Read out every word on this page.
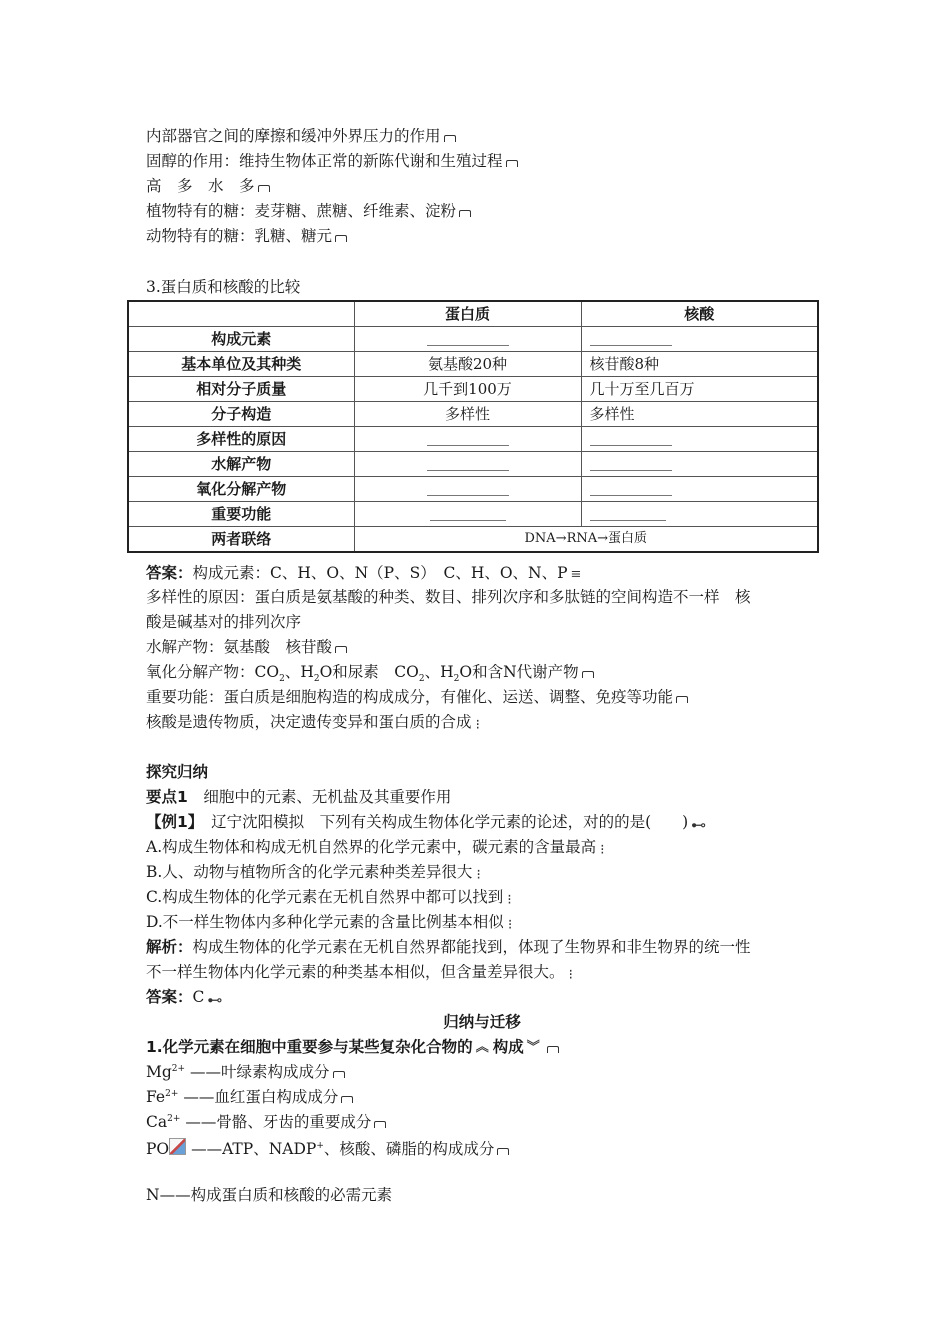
内部器官之间的摩擦和缓冲外界压力的作用
固醇的作用：维持生物体正常的新陈代谢和生殖过程
高　多　水　多
植物特有的糖：麦芽糖、蔗糖、纤维素、淀粉
动物特有的糖：乳糖、糖元
3.蛋白质和核酸的比较
	蛋白质	核酸
构成元素		
基本单位及其种类	氨基酸20种	核苷酸8种
相对分子质量	几千到100万	几十万至几百万
分子构造	多样性	多样性
多样性的原因		
水解产物		
氧化分解产物		
重要功能		
两者联络	DNA→RNA→蛋白质	
答案：构成元素：C、H、O、N（P、S）　C、H、O、N、P≡
多样性的原因：蛋白质是氨基酸的种类、数目、排列次序和多肽链的空间构造不一样　核
酸是碱基对的排列次序
水解产物：氨基酸　核苷酸
氧化分解产物：$CO_2$、$H_2O$和尿素　$CO_2$、$H_2O$和含N代谢产物
重要功能：蛋白质是细胞构造的构成成分，有催化、运送、调整、免疫等功能
核酸是遗传物质，决定遗传变异和蛋白质的合成⁝
探究归纳
要点1　 细胞中的元素、无机盐及其重要作用
【例1】　 辽宁沈阳模拟　下列有关构成生物体化学元素的论述，对的的是(　　)⊷
A.构成生物体和构成无机自然界的化学元素中，碳元素的含量最高⁝
B.人、动物与植物所含的化学元素种类差异很大⁝
C.构成生物体的化学元素在无机自然界中都可以找到⁝
D.不一样生物体内多种化学元素的含量比例基本相似⁝
解析：构成生物体的化学元素在无机自然界都能找到，体现了生物界和非生物界的统一性
不一样生物体内化学元素的种类基本相似，但含量差异很大。⁝
答案：C⊷
归纳与迁移
1.化学元素在细胞中重要参与某些复杂化合物的 ︽ 构成︾
$Mg^{2+}$ ——叶绿素构成成分
$Fe^{2+}$ ——血红蛋白构成成分
$Ca^{2+}$ ——骨骼、牙齿的重要成分
PO ——ATP、NADP+、核酸、磷脂的构成成分
N——构成蛋白质和核酸的必需元素
